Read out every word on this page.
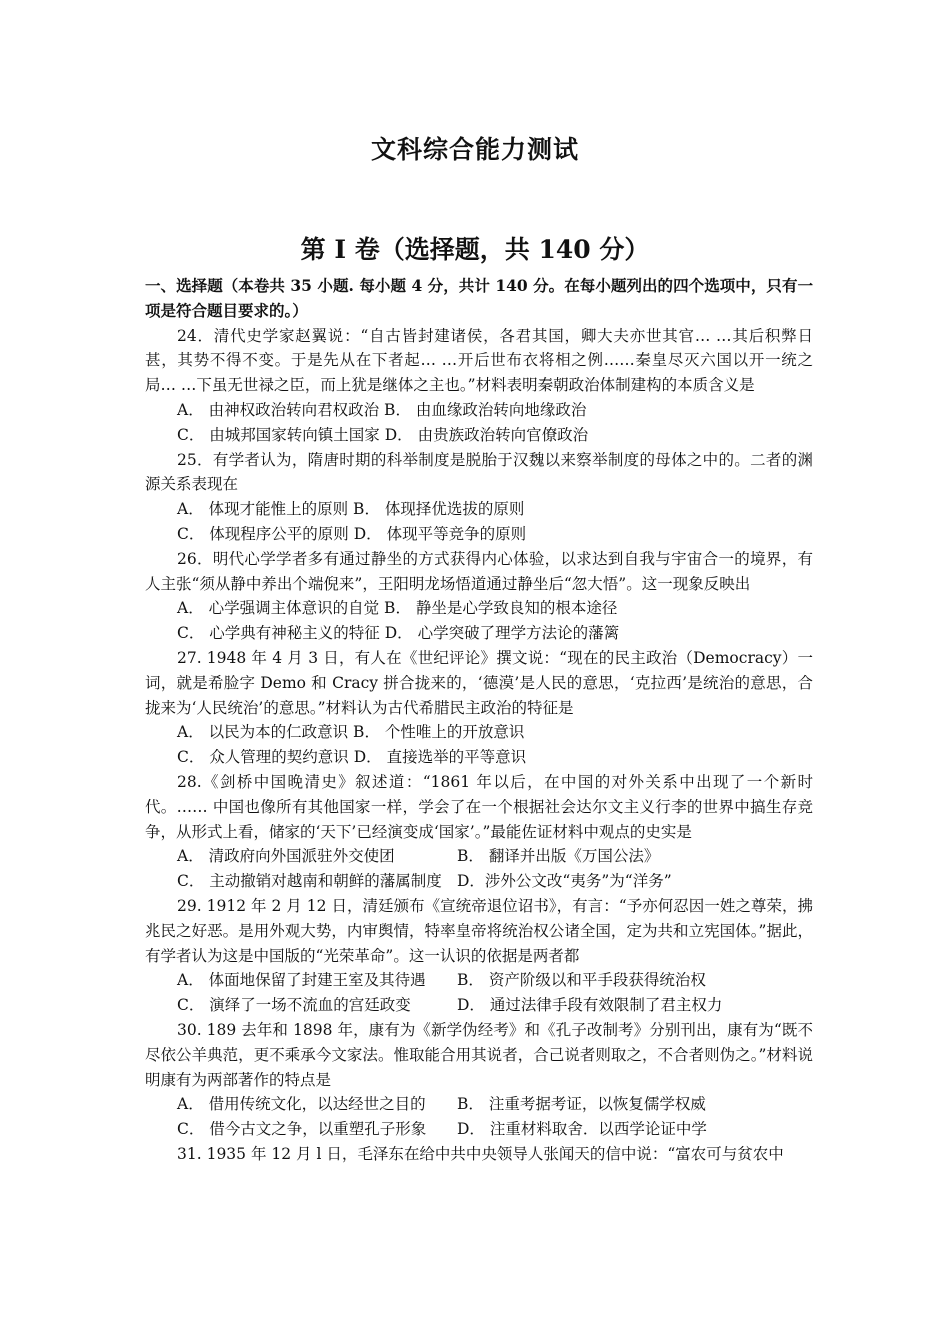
文科综合能力测试
第 I 卷（选择题，共 140 分）

一、选择题（本卷共 35 小题. 每小题 4 分，共计 140 分。在每小题列出的四个选项中，只有一项是符合题目要求的。）

24．清代史学家赵翼说：“自古皆封建诸侯，各君其国，卿大夫亦世其官… …其后积弊日甚，其势不得不变。于是先从在下者起… …开后世布衣将相之例……秦皇尽灭六国以开一统之局… …下虽无世禄之臣，而上犹是继体之主也。”材料表明秦朝政治体制建构的本质含义是

A． 由神权政治转向君权政治 B． 由血缘政治转向地缘政治

C． 由城邦国家转向镇土国家 D． 由贵族政治转向官僚政治

25．有学者认为，隋唐时期的科举制度是脱胎于汉魏以来察举制度的母体之中的。二者的渊源关系表现在

A． 体现才能惟上的原则 B． 体现择优选拔的原则

C． 体现程序公平的原则 D． 体现平等竞争的原则

26．明代心学学者多有通过静坐的方式获得内心体验，以求达到自我与宇宙合一的境界，有人主张“须从静中养出个端倪来”，王阳明龙场悟道通过静坐后“忽大悟”。这一现象反映出

A． 心学强调主体意识的自觉 B． 静坐是心学致良知的根本途径

C． 心学典有神秘主义的特征 D． 心学突破了理学方法论的藩篱

27. 1948 年 4 月 3 日，有人在《世纪评论》撰文说：“现在的民主政治（Democracy）一词，就是希脸字 Demo 和 Cracy 拼合拢来的，‘德漠’是人民的意思，‘克拉西’是统治的意思，合拢来为‘人民统治’的意思。”材料认为古代希腊民主政治的特征是

A． 以民为本的仁政意识 B． 个性唯上的开放意识

C． 众人管理的契约意识 D． 直接选举的平等意识

28.《剑桥中国晚清史》叙述道：“1861 年以后，在中国的对外关系中出现了一个新时代。…… 中国也像所有其他国家一样，学会了在一个根据社会达尔文主义行李的世界中搞生存竞争，从形式上看，储家的‘天下’已经演变成‘国家’。”最能佐证材料中观点的史实是

A． 清政府向外国派驻外交使团	B． 翻译并出版《万国公法》

C． 主动撤销对越南和朝鲜的藩属制度 D．涉外公文改“夷务”为“洋务”

29. 1912 年 2 月 12 日，清廷颁布《宣统帝退位诏书》，有言：“予亦何忍因一姓之尊荣，拂兆民之好恶。是用外观大势，内审舆情，特率皇帝将统治权公诸全国，定为共和立宪国体。”据此，有学者认为这是中国版的“光荣革命”。这一认识的依据是两者都

A． 体面地保留了封建王室及其待遇 B． 资产阶级以和平手段获得统治权

C． 演绎了一场不流血的宫廷政变	D． 通过法律手段有效限制了君主权力

30. 189 去年和 1898 年，康有为《新学伪经考》和《孔子改制考》分别刊出，康有为“既不尽依公羊典范，更不乘承今文家法。惟取能合用其说者，合己说者则取之，不合者则伪之。”材料说明康有为两部著作的特点是

A． 借用传统文化，以达经世之目的 B． 注重考据考证，以恢复儒学权威

C． 借今古文之争，以重塑孔子形象 D． 注重材料取舍．以西学论证中学

31. 1935 年 12 月 l 日，毛泽东在给中共中央领导人张闻天的信中说：“富农可与贫农中
